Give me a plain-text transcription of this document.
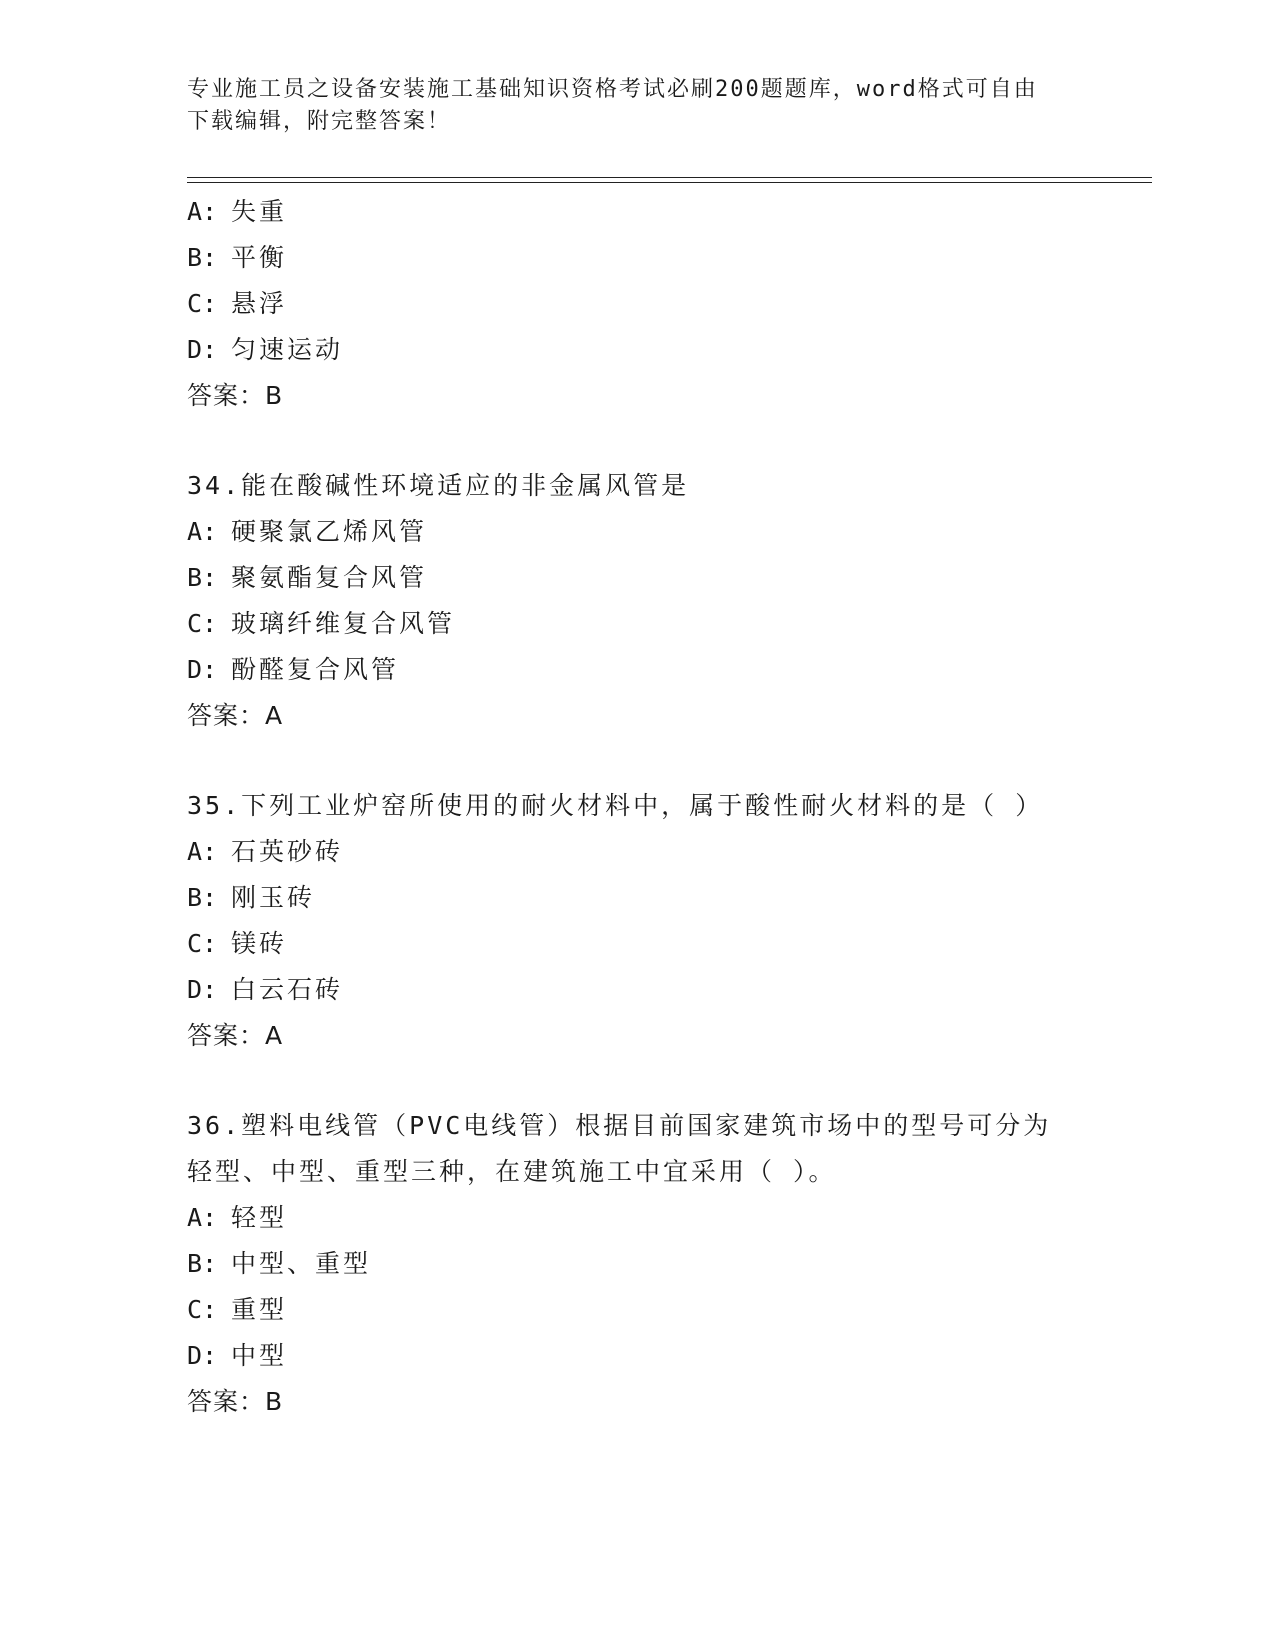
专业施工员之设备安装施工基础知识资格考试必刷200题题库，word格式可自由
下载编辑，附完整答案！
A: 失重
B: 平衡
C: 悬浮
D: 匀速运动
答案：B
34.能在酸碱性环境适应的非金属风管是
A: 硬聚氯乙烯风管
B: 聚氨酯复合风管
C: 玻璃纤维复合风管
D: 酚醛复合风管
答案：A
35.下列工业炉窑所使用的耐火材料中，属于酸性耐火材料的是（ ）
A: 石英砂砖
B: 刚玉砖
C: 镁砖
D: 白云石砖
答案：A
36.塑料电线管（PVC电线管）根据目前国家建筑市场中的型号可分为
轻型、中型、重型三种，在建筑施工中宜采用（ ）。
A: 轻型
B: 中型、重型
C: 重型
D: 中型
答案：B
